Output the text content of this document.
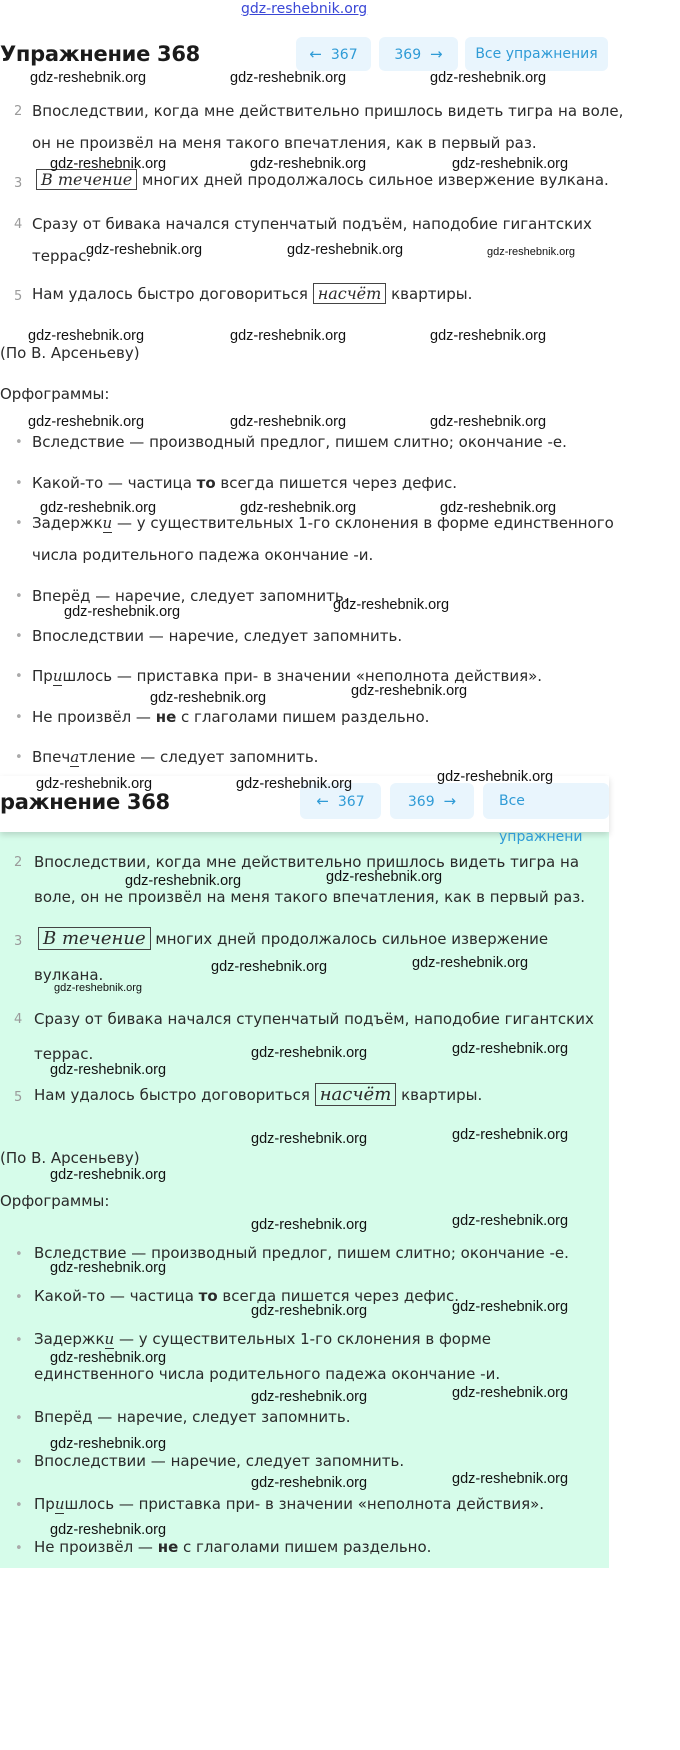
gdz-reshebnik.org
Упражнение 368	← 367	369 →	Все упражнения
2 Впоследствии, когда мне действительно пришлось видеть тигра на воле,
он не произвёл на меня такого впечатления, как в первый раз.
3	В течение многих дней продолжалось сильное извержение вулкана.
4 Сразу от бивака начался ступенчатый подъём, наподобие гигантских
террас.
5 Нам удалось быстро договориться насчёт квартиры.
(По В. Арсеньеву)
Орфограммы:
• Вследствие — производный предлог, пишем слитно; окончание -е.
• Какой-то — частица то всегда пишется через дефис.
• Задержки — у существительных 1-го склонения в форме единственного
числа родительного падежа окончание -и.
• Вперёд — наречие, следует запомнить.
• Впоследствии — наречие, следует запомнить.
• Пришлось — приставка при- в значении «неполнота действия».
• Не произвёл — не с глаголами пишем раздельно.
• Впечатление — следует запомнить.
ражнение 368	← 367	369 →	Все упражнени
2 Впоследствии, когда мне действительно пришлось видеть тигра на
воле, он не произвёл на меня такого впечатления, как в первый раз.
3 В течение многих дней продолжалось сильное извержение
вулкана.
4 Сразу от бивака начался ступенчатый подъём, наподобие гигантских
террас.
5 Нам удалось быстро договориться насчёт квартиры.
(По В. Арсеньеву)
Орфограммы:
• Вследствие — производный предлог, пишем слитно; окончание -е.
• Какой-то — частица то всегда пишется через дефис.
• Задержки — у существительных 1-го склонения в форме
единственного числа родительного падежа окончание -и.
• Вперёд — наречие, следует запомнить.
• Впоследствии — наречие, следует запомнить.
• Пришлось — приставка при- в значении «неполнота действия».
• Не произвёл — не с глаголами пишем раздельно.
gdz-reshebnik.org	gdz-reshebnik.org	gdz-reshebnik.org
gdz-reshebnik.org	gdz-reshebnik.org	gdz-reshebnik.org
gdz-reshebnik.org	gdz-reshebnik.org	gdz-reshebnik.org
gdz-reshebnik.org	gdz-reshebnik.org	gdz-reshebnik.org
gdz-reshebnik.org	gdz-reshebnik.org	gdz-reshebnik.org
gdz-reshebnik.org	gdz-reshebnik.org	gdz-reshebnik.org
gdz-reshebnik.org	gdz-reshebnik.org
gdz-reshebnik.org	gdz-reshebnik.org
gdz-reshebnik.org	gdz-reshebnik.org	gdz-reshebnik.org
gdz-reshebnik.org	gdz-reshebnik.org
gdz-reshebnik.org	gdz-reshebnik.org
gdz-reshebnik.org
gdz-reshebnik.org	gdz-reshebnik.org
gdz-reshebnik.org
gdz-reshebnik.org	gdz-reshebnik.org
gdz-reshebnik.org
gdz-reshebnik.org	gdz-reshebnik.org
gdz-reshebnik.org
gdz-reshebnik.org	gdz-reshebnik.org
gdz-reshebnik.org
gdz-reshebnik.org	gdz-reshebnik.org
gdz-reshebnik.org
gdz-reshebnik.org	gdz-reshebnik.org
gdz-reshebnik.org
